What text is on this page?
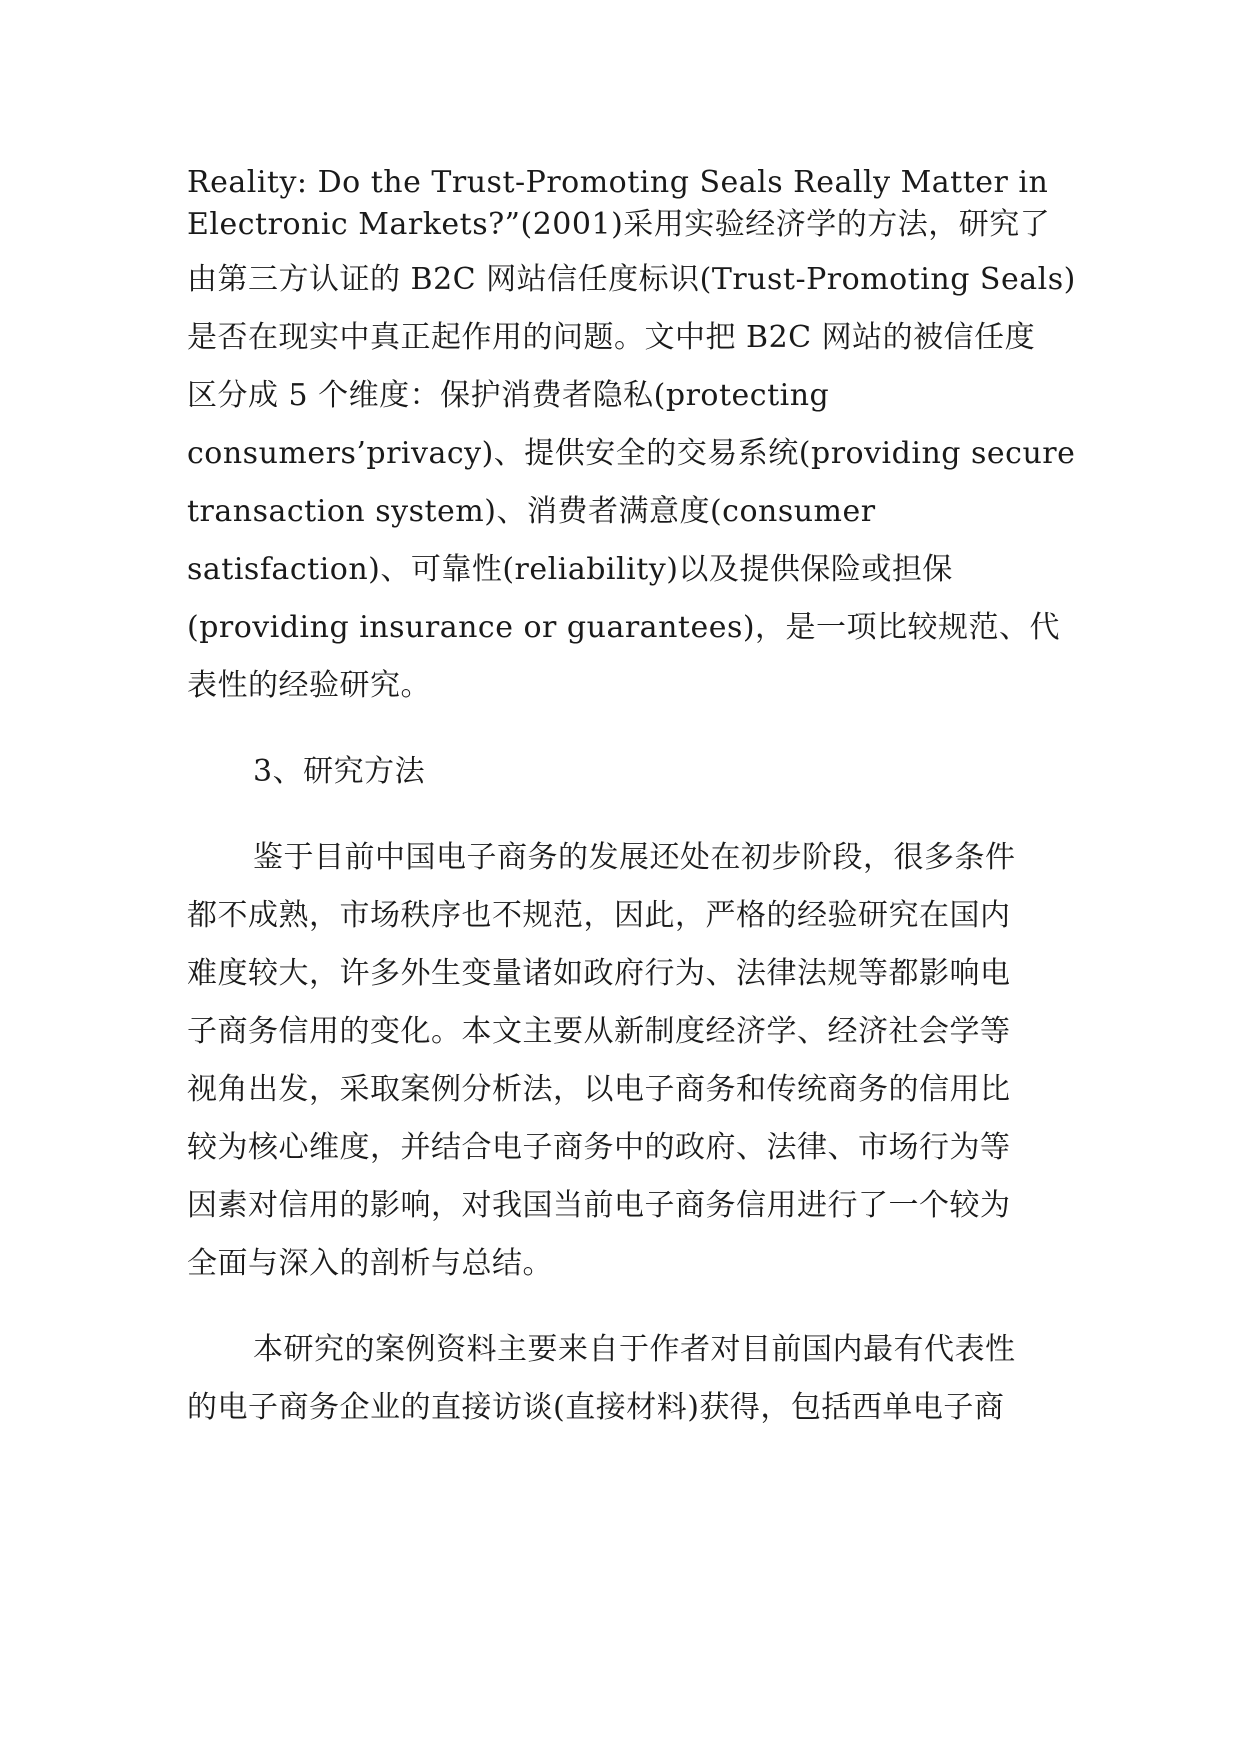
Reality: Do the Trust-Promoting Seals Really Matter in
Electronic Markets?”(2001)采用实验经济学的方法，研究了
由第三方认证的 B2C 网站信任度标识(Trust-Promoting Seals)
是否在现实中真正起作用的问题。文中把 B2C 网站的被信任度
区分成 5 个维度：保护消费者隐私(protecting
consumers’privacy)、提供安全的交易系统(providing secure
transaction system)、消费者满意度(consumer
satisfaction)、可靠性(reliability)以及提供保险或担保
(providing insurance or guarantees)，是一项比较规范、代
表性的经验研究。
3、研究方法
鉴于目前中国电子商务的发展还处在初步阶段，很多条件
都不成熟，市场秩序也不规范，因此，严格的经验研究在国内
难度较大，许多外生变量诸如政府行为、法律法规等都影响电
子商务信用的变化。本文主要从新制度经济学、经济社会学等
视角出发，采取案例分析法，以电子商务和传统商务的信用比
较为核心维度，并结合电子商务中的政府、法律、市场行为等
因素对信用的影响，对我国当前电子商务信用进行了一个较为
全面与深入的剖析与总结。
本研究的案例资料主要来自于作者对目前国内最有代表性
的电子商务企业的直接访谈(直接材料)获得，包括西单电子商
